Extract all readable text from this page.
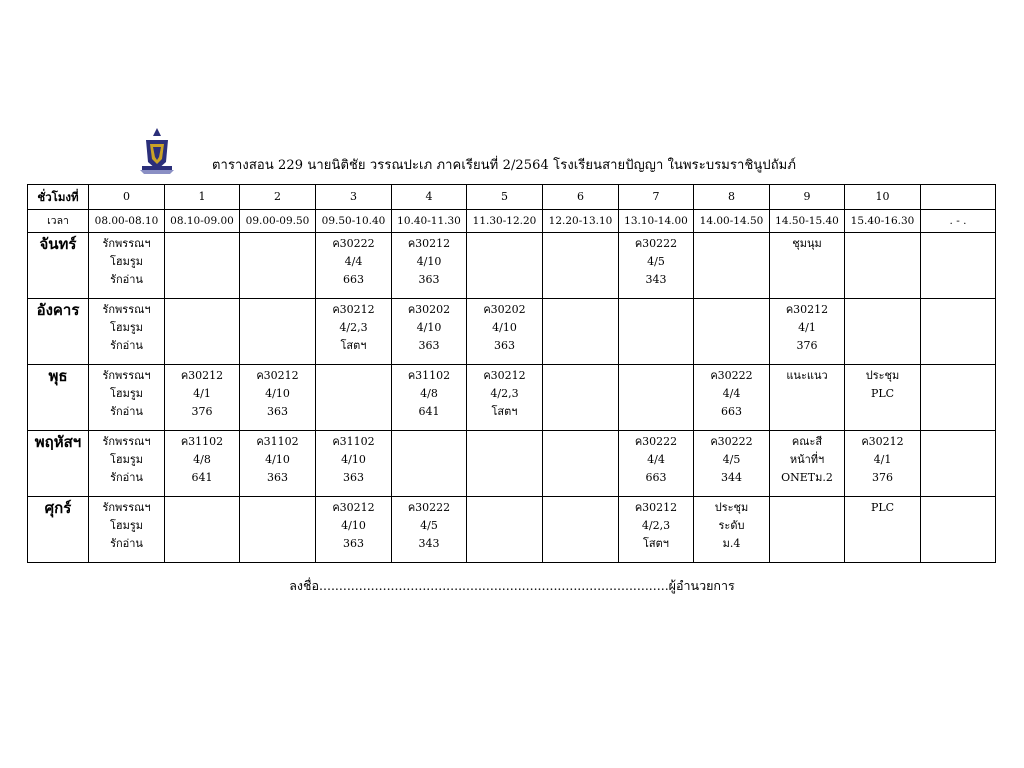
ตารางสอน 229 นายนิติชัย วรรณปะเภ ภาคเรียนที่ 2/2564 โรงเรียนสายปัญญา ในพระบรมราชินูปถัมภ์
ชั่วโมงที่	0	1	2	3	4	5	6	7	8	9	10	
เวลา	08.00-08.10	08.10-09.00	09.00-09.50	09.50-10.40	10.40-11.30	11.30-12.20	12.20-13.10	13.10-14.00	14.00-14.50	14.50-15.40	15.40-16.30	. - .
จันทร์	รักพรรณฯ
โฮมรูม
รักอ่าน			ค30222
4/4
663	ค30212
4/10
363			ค30222
4/5
343		ชุมนุม		

อังคาร	รักพรรณฯ
โฮมรูม
รักอ่าน			ค30212
4/2,3
โสตฯ	ค30202
4/10
363	ค30202
4/10
363				ค30212
4/1
376		

พุธ	รักพรรณฯ
โฮมรูม
รักอ่าน	ค30212
4/1
376	ค30212
4/10
363		ค31102
4/8
641	ค30212
4/2,3
โสตฯ			ค30222
4/4
663	แนะแนว	ประชุม
PLC	

พฤหัสฯ	รักพรรณฯ
โฮมรูม
รักอ่าน	ค31102
4/8
641	ค31102
4/10
363	ค31102
4/10
363				ค30222
4/4
663	ค30222
4/5
344	คณะสี
หน้าที่ฯ
ONETม.2	ค30212
4/1
376	

ศุกร์	รักพรรณฯ
โฮมรูม
รักอ่าน			ค30212
4/10
363	ค30222
4/5
343			ค30212
4/2,3
โสตฯ	ประชุม
ระดับ
ม.4		PLC	

ลงชื่อ........................................................................................ผู้อำนวยการ
